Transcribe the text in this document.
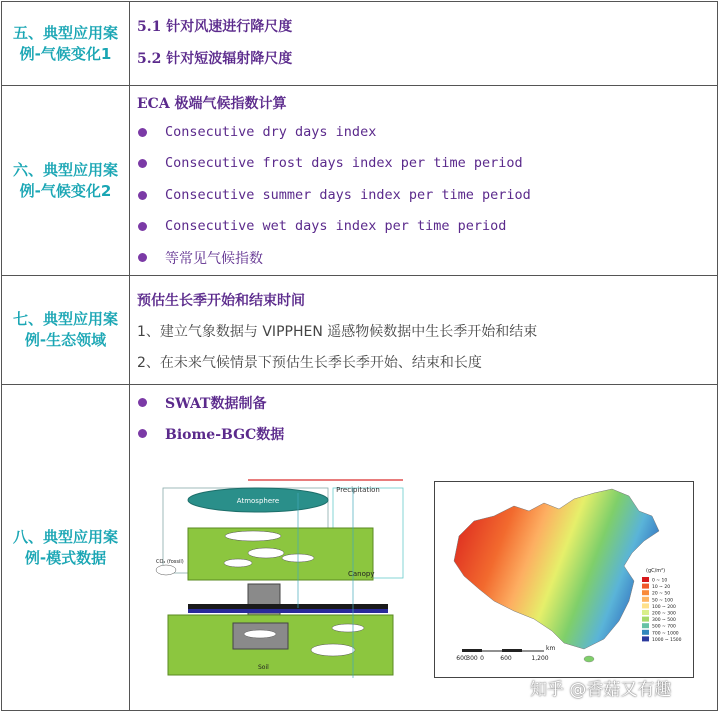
五、典型应用案
例-气候变化1
5.1 针对风速进行降尺度
5.2 针对短波辐射降尺度
六、典型应用案
例-气候变化2
ECA 极端气候指数计算
Consecutive dry days index
Consecutive frost days index per time period
Consecutive summer days index per time period
Consecutive wet days index per time period
等常见气候指数
七、典型应用案
例-生态领域
预估生长季开始和结束时间
1、建立气象数据与 VIPPHEN 遥感物候数据中生长季开始和结束
2、在未来气候情景下预估生长季长季开始、结束和长度
八、典型应用案
例-模式数据
SWAT数据制备
Biome-BGC数据
Atmosphere
Precipitation
Canopy
CO₂ (fossil)
Soil
0 ~ 10
10 ~ 20
20 ~ 50
50 ~ 100
100 ~ 200
200 ~ 300
300 ~ 500
500 ~ 700
700 ~ 1000
1000 ~ 1500
(gC/m²)
600
300 0	600	1,200
km
知乎 @香菇又有趣
